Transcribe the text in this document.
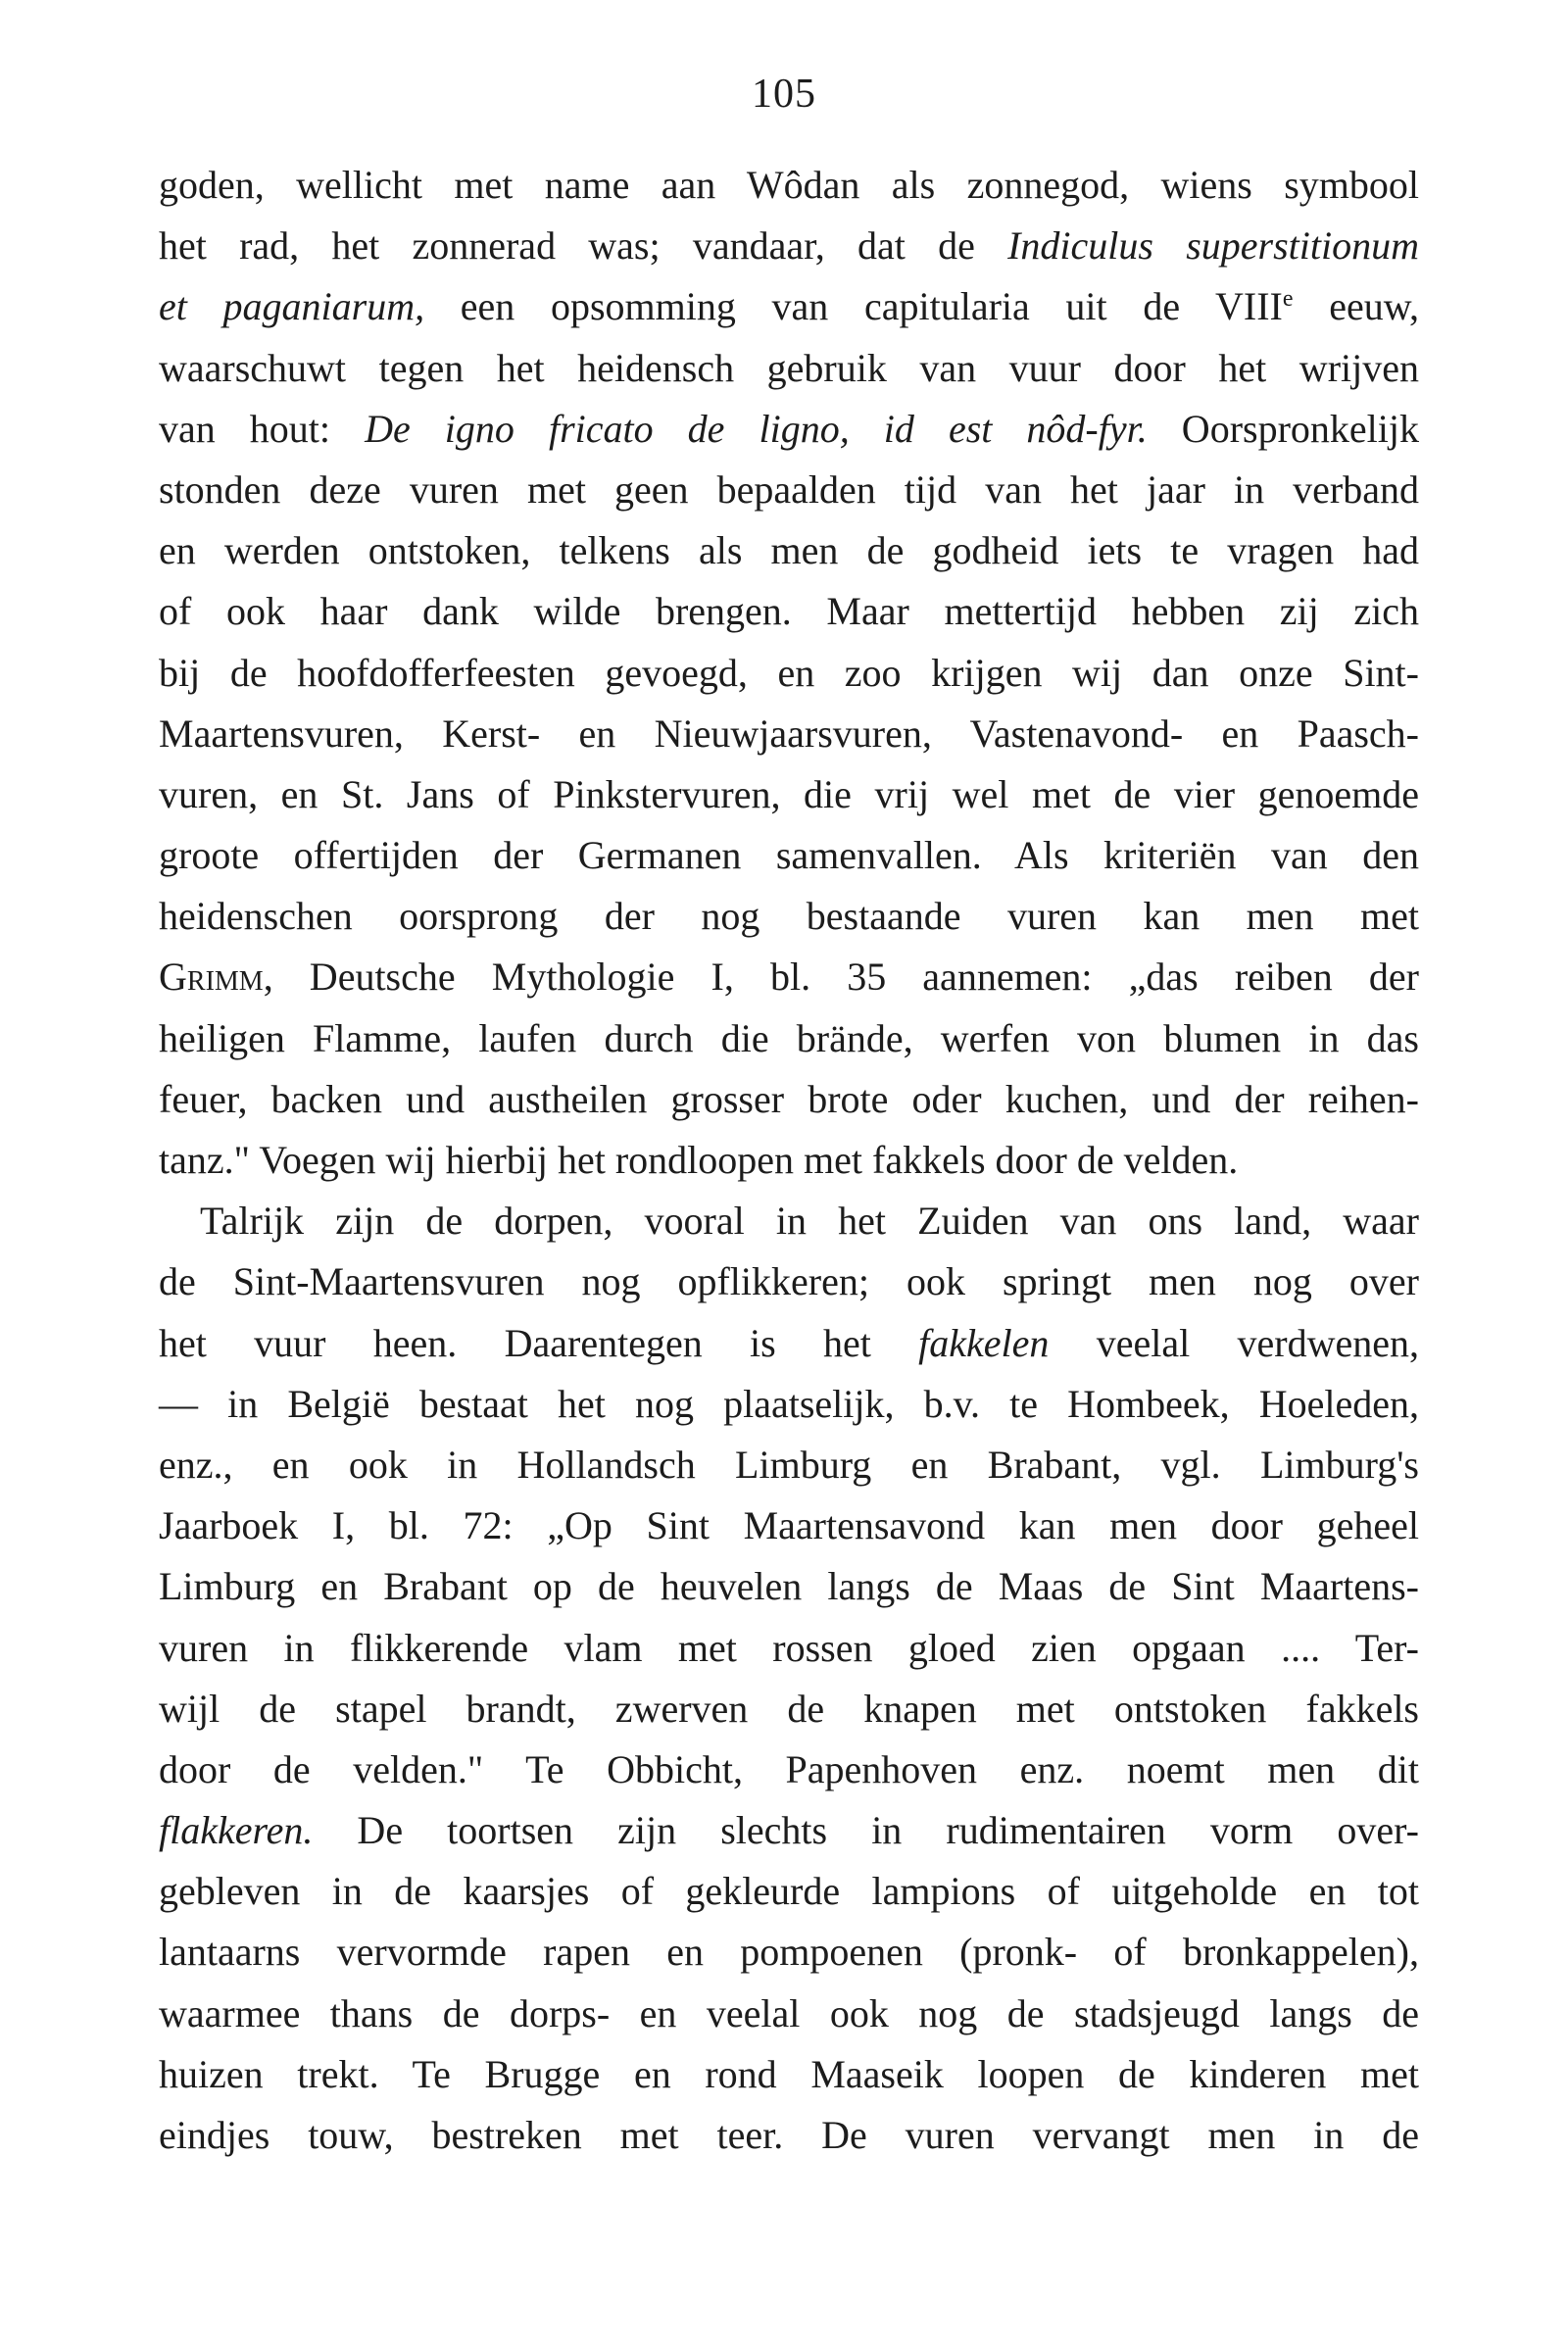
105
goden, wellicht met name aan Wôdan als zonnegod, wiens symbool
het rad, het zonnerad was; vandaar, dat de Indiculus superstitionum
et paganiarum, een opsomming van capitularia uit de VIIIe eeuw,
waarschuwt tegen het heidensch gebruik van vuur door het wrijven
van hout: De igno fricato de ligno, id est nôd-fyr. Oorspronkelijk
stonden deze vuren met geen bepaalden tijd van het jaar in verband
en werden ontstoken, telkens als men de godheid iets te vragen had
of ook haar dank wilde brengen. Maar mettertijd hebben zij zich
bij de hoofdofferfeesten gevoegd, en zoo krijgen wij dan onze Sint-
Maartensvuren, Kerst- en Nieuwjaarsvuren, Vastenavond- en Paasch-
vuren, en St. Jans of Pinkstervuren, die vrij wel met de vier genoemde
groote offertijden der Germanen samenvallen. Als kriteriën van den
heidenschen oorsprong der nog bestaande vuren kan men met
Grimm, Deutsche Mythologie I, bl. 35 aannemen: „das reiben der
heiligen Flamme, laufen durch die brände, werfen von blumen in das
feuer, backen und austheilen grosser brote oder kuchen, und der reihen-
tanz." Voegen wij hierbij het rondloopen met fakkels door de velden.
Talrijk zijn de dorpen, vooral in het Zuiden van ons land, waar
de Sint-Maartensvuren nog opflikkeren; ook springt men nog over
het vuur heen. Daarentegen is het fakkelen veelal verdwenen,
— in België bestaat het nog plaatselijk, b.v. te Hombeek, Hoeleden,
enz., en ook in Hollandsch Limburg en Brabant, vgl. Limburg's
Jaarboek I, bl. 72: „Op Sint Maartensavond kan men door geheel
Limburg en Brabant op de heuvelen langs de Maas de Sint Maartens-
vuren in flikkerende vlam met rossen gloed zien opgaan .... Ter-
wijl de stapel brandt, zwerven de knapen met ontstoken fakkels
door de velden." Te Obbicht, Papenhoven enz. noemt men dit
flakkeren. De toortsen zijn slechts in rudimentairen vorm over-
gebleven in de kaarsjes of gekleurde lampions of uitgeholde en tot
lantaarns vervormde rapen en pompoenen (pronk- of bronkappelen),
waarmee thans de dorps- en veelal ook nog de stadsjeugd langs de
huizen trekt. Te Brugge en rond Maaseik loopen de kinderen met
eindjes touw, bestreken met teer. De vuren vervangt men in de
